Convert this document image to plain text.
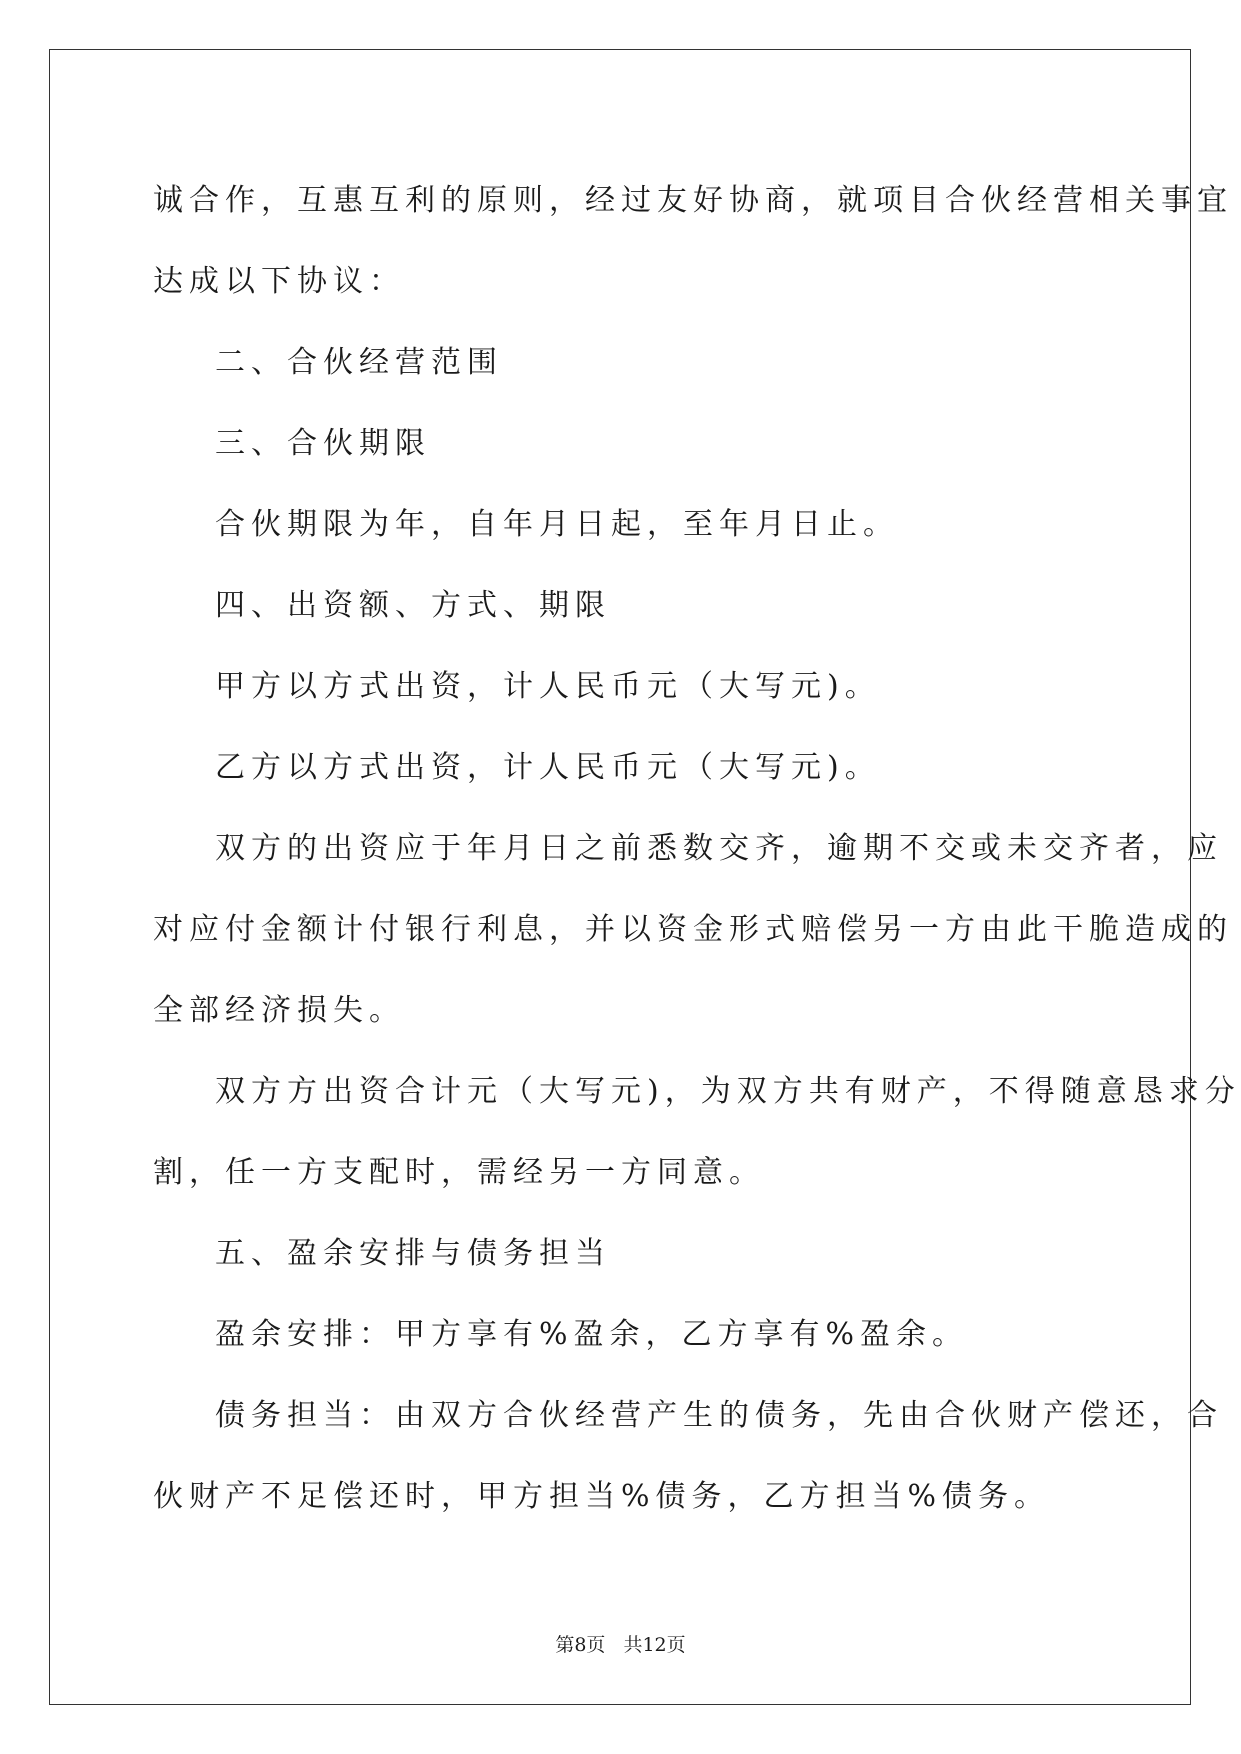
诚合作，互惠互利的原则，经过友好协商，就项目合伙经营相关事宜
达成以下协议：
二、合伙经营范围
三、合伙期限
合伙期限为年，自年月日起，至年月日止。
四、出资额、方式、期限
甲方以方式出资，计人民币元（大写元)。
乙方以方式出资，计人民币元（大写元)。
双方的出资应于年月日之前悉数交齐，逾期不交或未交齐者，应
对应付金额计付银行利息，并以资金形式赔偿另一方由此干脆造成的
全部经济损失。
双方方出资合计元（大写元)，为双方共有财产，不得随意恳求分
割，任一方支配时，需经另一方同意。
五、盈余安排与债务担当
盈余安排：甲方享有%盈余，乙方享有%盈余。
债务担当：由双方合伙经营产生的债务，先由合伙财产偿还，合
伙财产不足偿还时，甲方担当%债务，乙方担当%债务。
第8页 共12页
